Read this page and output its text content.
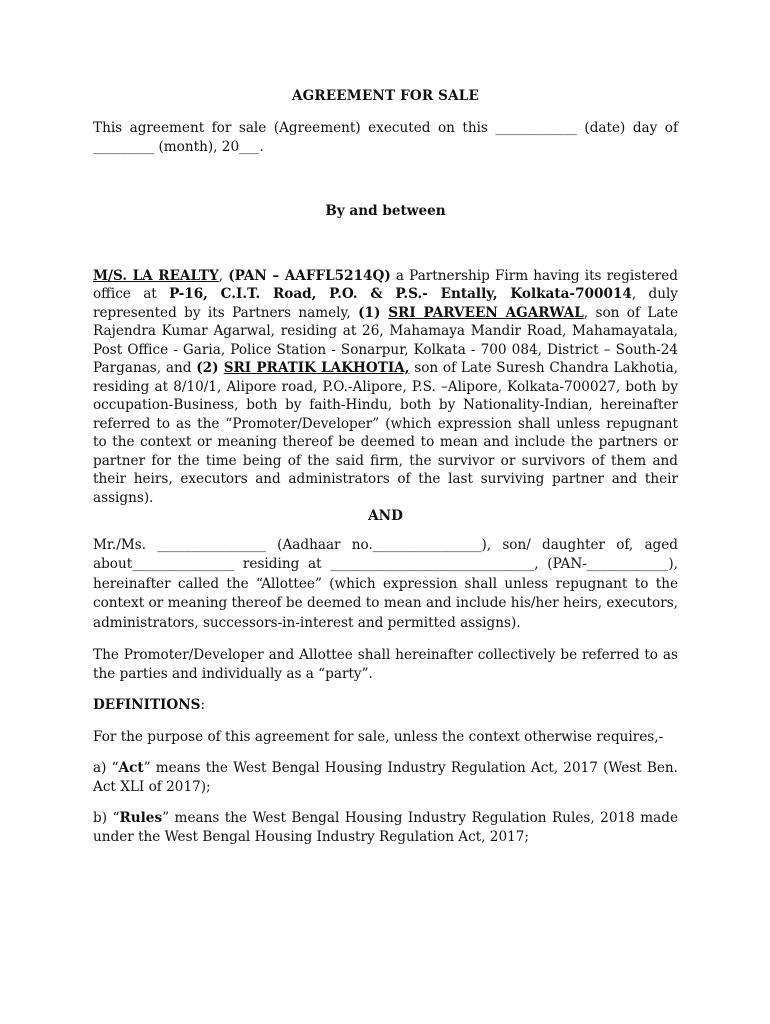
AGREEMENT FOR SALE

This agreement for sale (Agreement) executed on this ____________ (date) day of _________ (month), 20___.

By and between

M/S. LA REALTY, (PAN – AAFFL5214Q) a Partnership Firm having its registered office at P-16, C.I.T. Road, P.O. & P.S.- Entally, Kolkata-700014, duly represented by its Partners namely, (1) SRI PARVEEN AGARWAL, son of Late Rajendra Kumar Agarwal, residing at 26, Mahamaya Mandir Road, Mahamayatala, Post Office - Garia, Police Station - Sonarpur, Kolkata - 700 084, District – South-24 Parganas, and (2) SRI PRATIK LAKHOTIA, son of Late Suresh Chandra Lakhotia, residing at 8/10/1, Alipore road, P.O.-Alipore, P.S. –Alipore, Kolkata-700027, both by occupation-Business, both by faith-Hindu, both by Nationality-Indian, hereinafter referred to as the “Promoter/Developer” (which expression shall unless repugnant to the context or meaning thereof be deemed to mean and include the partners or partner for the time being of the said firm, the survivor or survivors of them and their heirs, executors and administrators of the last surviving partner and their assigns).

AND

Mr./Ms. ________________ (Aadhaar no.________________), son/ daughter of, aged about_______________ residing at ______________________________, (PAN-____________), hereinafter called the “Allottee” (which expression shall unless repugnant to the context or meaning thereof be deemed to mean and include his/her heirs, executors, administrators, successors-in-interest and permitted assigns).

The Promoter/Developer and Allottee shall hereinafter collectively be referred to as the parties and individually as a “party”.

DEFINITIONS:

For the purpose of this agreement for sale, unless the context otherwise requires,-

a) “Act” means the West Bengal Housing Industry Regulation Act, 2017 (West Ben. Act XLI of 2017);

b) “Rules” means the West Bengal Housing Industry Regulation Rules, 2018 made under the West Bengal Housing Industry Regulation Act, 2017;
